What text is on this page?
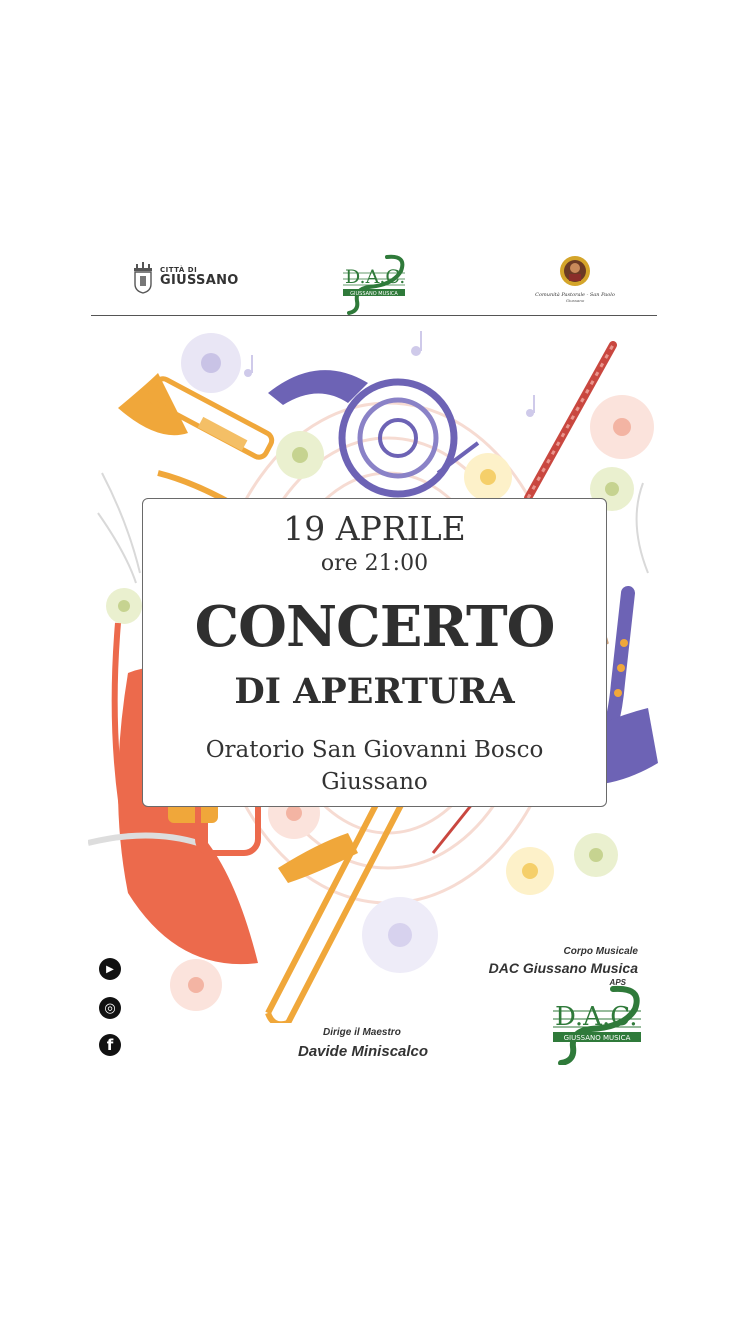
CITTÀ DI
GIUSSANO	D.A.C.
GIUSSANO MUSICA	Comunità Pastorale - San Paolo
Giussano
19 APRILE
ore 21:00
CONCERTO
DI APERTURA
Oratorio San Giovanni Bosco
Giussano
▶
◎
f
Dirige il Maestro
Davide Miniscalco
Corpo Musicale
DAC Giussano Musica
APS
D.A.C.
GIUSSANO MUSICA
